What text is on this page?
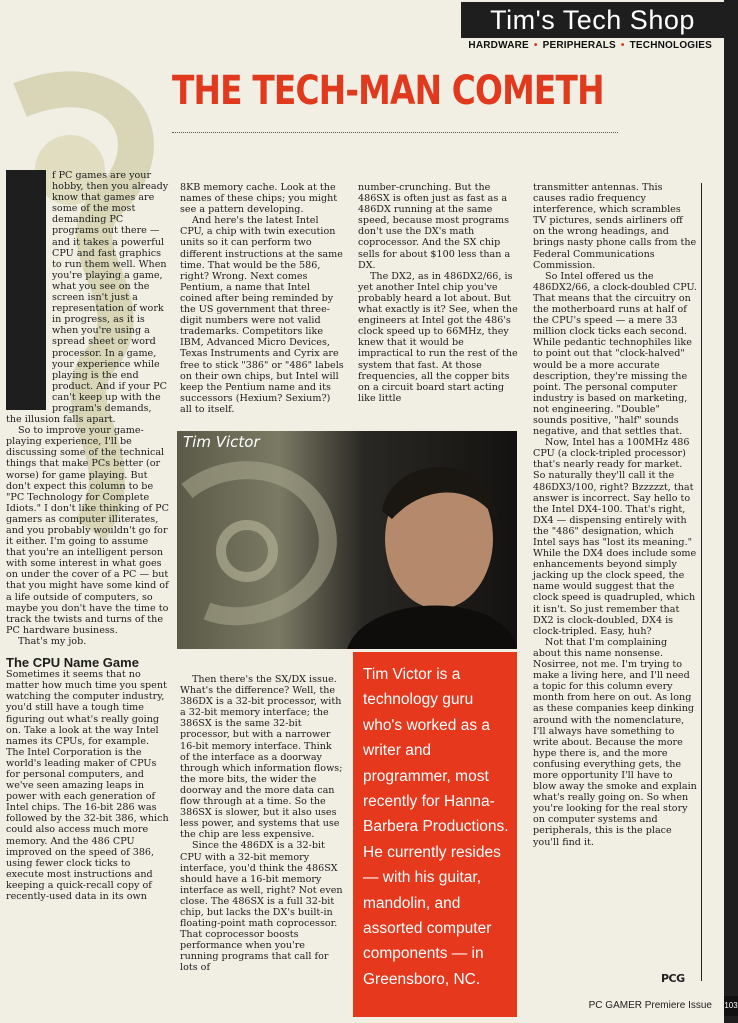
Tim's Tech Shop
HARDWARE • PERIPHERALS • TECHNOLOGIES
THE TECH-MAN COMETH

f PC games are your hobby, then you already know that games are some of the most demanding PC programs out there — and it takes a powerful CPU and fast graphics to run them well. When you're playing a game, what you see on the screen isn't just a representation of work in progress, as it is when you're using a spread sheet or word processor. In a game, your experience while playing is the end product. And if your PC can't keep up with the program's demands, the illusion falls apart.

So to improve your game-playing experience, I'll be discussing some of the technical things that make PCs better (or worse) for game playing. But don't expect this column to be "PC Technology for Complete Idiots." I don't like thinking of PC gamers as computer illiterates, and you probably wouldn't go for it either. I'm going to assume that you're an intelligent person with some interest in what goes on under the cover of a PC — but that you might have some kind of a life outside of computers, so maybe you don't have the time to track the twists and turns of the PC hardware business.

That's my job.

The CPU Name Game

Sometimes it seems that no matter how much time you spent watching the computer industry, you'd still have a tough time figuring out what's really going on. Take a look at the way Intel names its CPUs, for example. The Intel Corporation is the world's leading maker of CPUs for personal computers, and we've seen amazing leaps in power with each generation of Intel chips. The 16-bit 286 was followed by the 32-bit 386, which could also access much more memory. And the 486 CPU improved on the speed of 386, using fewer clock ticks to execute most instructions and keeping a quick-recall copy of recently-used data in its own

8KB memory cache. Look at the names of these chips; you might see a pattern developing.

And here's the latest Intel CPU, a chip with twin execution units so it can perform two different instructions at the same time. That would be the 586, right? Wrong. Next comes Pentium, a name that Intel coined after being reminded by the US government that three-digit numbers were not valid trademarks. Competitors like IBM, Advanced Micro Devices, Texas Instruments and Cyrix are free to stick "386" or "486" labels on their own chips, but Intel will keep the Pentium name and its successors (Hexium? Sexium?) all to itself.

number-crunching. But the 486SX is often just as fast as a 486DX running at the same speed, because most programs don't use the DX's math coprocessor. And the SX chip sells for about $100 less than a DX.

The DX2, as in 486DX2/66, is yet another Intel chip you've probably heard a lot about. But what exactly is it? See, when the engineers at Intel got the 486's clock speed up to 66MHz, they knew that it would be impractical to run the rest of the system that fast. At those frequencies, all the copper bits on a circuit board start acting like little

Tim Victor

Then there's the SX/DX issue. What's the difference? Well, the 386DX is a 32-bit processor, with a 32-bit memory interface; the 386SX is the same 32-bit processor, but with a narrower 16-bit memory interface. Think of the interface as a doorway through which information flows; the more bits, the wider the doorway and the more data can flow through at a time. So the 386SX is slower, but it also uses less power, and systems that use the chip are less expensive.

Since the 486DX is a 32-bit CPU with a 32-bit memory interface, you'd think the 486SX should have a 16-bit memory interface as well, right? Not even close. The 486SX is a full 32-bit chip, but lacks the DX's built-in floating-point math coprocessor. That coprocessor boosts performance when you're running programs that call for lots of

Tim Victor is a technology guru who's worked as a writer and programmer, most recently for Hanna-Barbera Productions. He currently resides — with his guitar, mandolin, and assorted computer components — in Greensboro, NC.

transmitter antennas. This causes radio frequency interference, which scrambles TV pictures, sends airliners off on the wrong headings, and brings nasty phone calls from the Federal Communications Commission.

So Intel offered us the 486DX2/66, a clock-doubled CPU. That means that the circuitry on the motherboard runs at half of the CPU's speed — a mere 33 million clock ticks each second. While pedantic technophiles like to point out that "clock-halved" would be a more accurate description, they're missing the point. The personal computer industry is based on marketing, not engineering. "Double" sounds positive, "half" sounds negative, and that settles that.

Now, Intel has a 100MHz 486 CPU (a clock-tripled processor) that's nearly ready for market. So naturally they'll call it the 486DX3/100, right? Bzzzzzt, that answer is incorrect. Say hello to the Intel DX4-100. That's right, DX4 — dispensing entirely with the "486" designation, which Intel says has "lost its meaning." While the DX4 does include some enhancements beyond simply jacking up the clock speed, the name would suggest that the clock speed is quadrupled, which it isn't. So just remember that DX2 is clock-doubled, DX4 is clock-tripled. Easy, huh?

Not that I'm complaining about this name nonsense. Nosirree, not me. I'm trying to make a living here, and I'll need a topic for this column every month from here on out. As long as these companies keep dinking around with the nomenclature, I'll always have something to write about. Because the more hype there is, and the more confusing everything gets, the more opportunity I'll have to blow away the smoke and explain what's really going on. So when you're looking for the real story on computer systems and peripherals, this is the place you'll find it.

PCG
PC GAMER Premiere Issue 103
